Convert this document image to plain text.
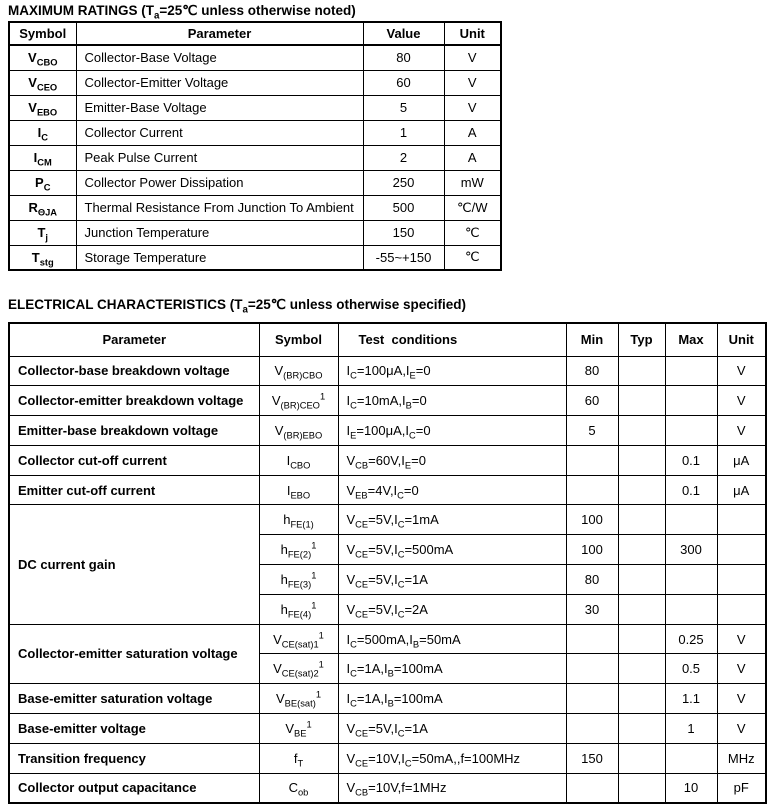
MAXIMUM RATINGS ($T_a=25℃$ unless otherwise noted)
Symbol	Parameter	Value	Unit
$V_{CBO}$	Collector-Base Voltage	80	V
$V_{CEO}$	Collector-Emitter Voltage	60	V
$V_{EBO}$	Emitter-Base Voltage	5	V
$I_C$	Collector Current	1	A
$I_{CM}$	Peak Pulse Current	2	A
$P_C$	Collector Power Dissipation	250	mW
$R_{\Theta JA}$	Thermal Resistance From Junction To Ambient	500	℃/W
$T_j$	Junction Temperature	150	℃
$T_{stg}$	Storage Temperature	-55~+150	℃
ELECTRICAL CHARACTERISTICS ($T_a=25℃$ unless otherwise specified)
Parameter	Symbol	Test  conditions	Min	Typ	Max	Unit
Collector-base breakdown voltage	$V_{(BR)CBO}$	$I_C=100\mu A,I_E=0$	80			V
Collector-emitter breakdown voltage	$V_{(BR)CEO}^1$	$I_C=10mA,I_B=0$	60			V
Emitter-base breakdown voltage	$V_{(BR)EBO}$	$I_E=100\mu A,I_C=0$	5			V
Collector cut-off current	$I_{CBO}$	$V_{CB}=60V,I_E=0$			0.1	μA
Emitter cut-off current	$I_{EBO}$	$V_{EB}=4V,I_C=0$			0.1	μA
DC current gain	$h_{FE(1)}$	$V_{CE}=5V,I_C=1mA$	100			
	$h_{FE(2)}^1$	$V_{CE}=5V,I_C=500mA$	100		300	
	$h_{FE(3)}^1$	$V_{CE}=5V,I_C=1A$	80			
	$h_{FE(4)}^1$	$V_{CE}=5V,I_C=2A$	30			
Collector-emitter saturation voltage	$V_{CE(sat)1}^1$	$I_C=500mA,I_B=50mA$			0.25	V
	$V_{CE(sat)2}^1$	$I_C=1A,I_B=100mA$			0.5	V
Base-emitter saturation voltage	$V_{BE(sat)}^1$	$I_C=1A,I_B=100mA$			1.1	V
Base-emitter voltage	$V_{BE}^1$	$V_{CE}=5V,I_C=1A$			1	V
Transition frequency	$f_T$	$V_{CE}=10V,I_C=50mA,,f=100MHz$	150			MHz
Collector output capacitance	$C_{ob}$	$V_{CB}=10V,f=1MHz$			10	pF
